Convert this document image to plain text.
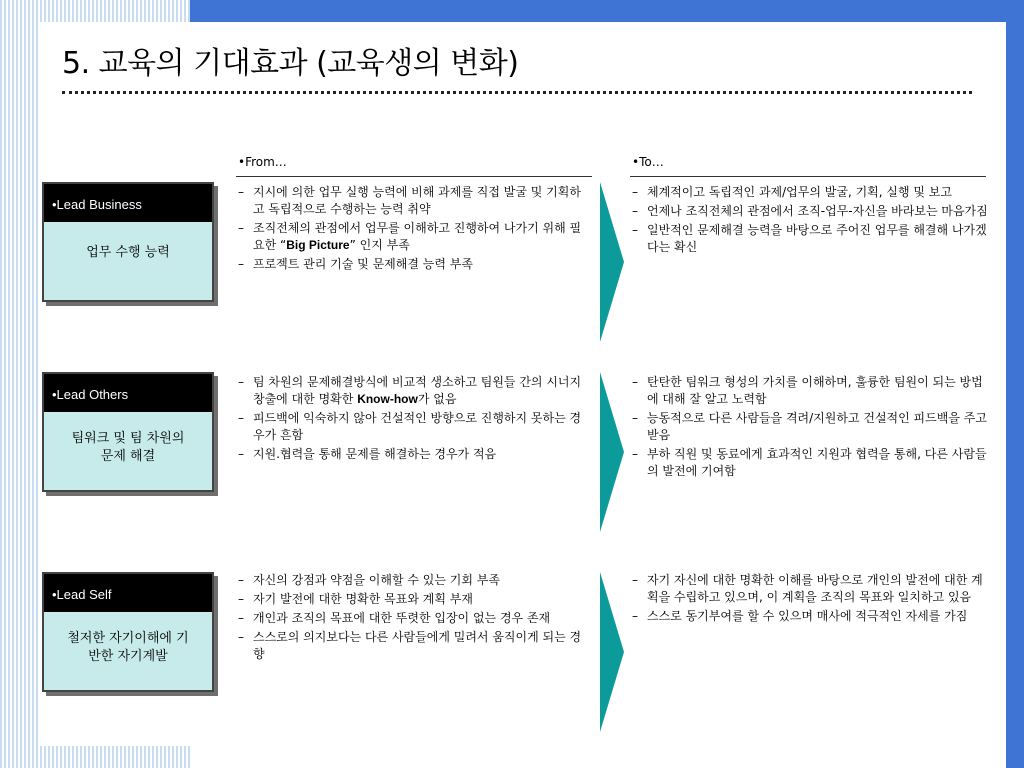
5. 교육의 기대효과 (교육생의 변화)
•From…	•To…
•Lead Business
업무 수행 능력
– 지시에 의한 업무 실행 능력에 비해 과제를 직접 발굴 및 기획하고 독립적으로 수행하는 능력 취약
– 조직전체의 관점에서 업무를 이해하고 진행하여 나가기 위해 필요한 “Big Picture” 인지 부족
– 프로젝트 관리 기술 및 문제해결 능력 부족
– 체계적이고 독립적인 과제/업무의 발굴, 기획, 실행 및 보고
– 언제나 조직전체의 관점에서 조직-업무-자신을 바라보는 마음가짐
– 일반적인 문제해결 능력을 바탕으로 주어진 업무를 해결해 나가겠다는 확신
•Lead Others
팀워크 및 팀 차원의 문제 해결
– 팀 차원의 문제해결방식에 비교적 생소하고 팀원들 간의 시너지 창출에 대한 명확한 Know-how가 없음
– 피드백에 익숙하지 않아 건설적인 방향으로 진행하지 못하는 경우가 흔함
– 지원.협력을 통해 문제를 해결하는 경우가 적음
– 탄탄한 팀워크 형성의 가치를 이해하며, 훌륭한 팀원이 되는 방법에 대해 잘 알고 노력함
– 능동적으로 다른 사람들을 격려/지원하고 건설적인 피드백을 주고 받음
– 부하 직원 및 동료에게 효과적인 지원과 협력을 통해, 다른 사람들의 발전에 기여함
•Lead Self
철저한 자기이해에 기반한 자기계발
– 자신의 강점과 약점을 이해할 수 있는 기회 부족
– 자기 발전에 대한 명확한 목표와 계획 부재
– 개인과 조직의 목표에 대한 뚜렷한 입장이 없는 경우 존재
– 스스로의 의지보다는 다른 사람들에게 밀려서 움직이게 되는 경향
– 자기 자신에 대한 명확한 이해를 바탕으로 개인의 발전에 대한 계획을 수립하고 있으며, 이 계획을 조직의 목표와 일치하고 있음
– 스스로 동기부여를 할 수 있으며 매사에 적극적인 자세를 가짐
